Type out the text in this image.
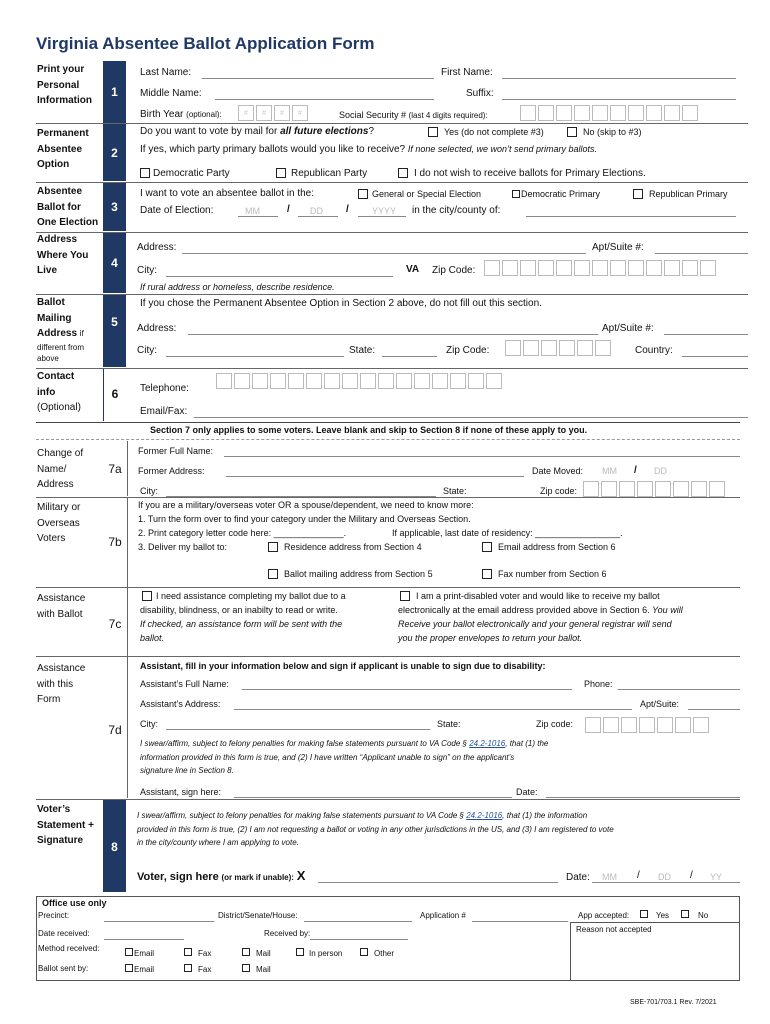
Virginia Absentee Ballot Application Form
Print your
Personal
Information
1
Last Name:	First Name:
Middle Name:	Suffix:
Birth Year (optional):	#	#	#	#	Social Security # (last 4 digits required):
Permanent
Absentee
Option
2
Do you want to vote by mail for all future elections?	Yes (do not complete #3)	No (skip to #3)
If yes, which party primary ballots would you like to receive? If none selected, we won’t send primary ballots.
Democratic Party	Republican Party	I do not wish to receive ballots for Primary Elections.
Absentee
Ballot for
One Election
3
I want to vote an absentee ballot in the:	General or Special Election	Democratic Primary	Republican Primary
Date of Election:	MM	/ DD /	YYYY in the city/county of:
Address
Where You
Live
4
Address:	Apt/Suite #:
City:	VA Zip Code:
If rural address or homeless, describe residence.
Ballot
Mailing
Address if
different from
above
5
If you chose the Permanent Absentee Option in Section 2 above, do not fill out this section.
Address:	Apt/Suite #:
City:	State:	Zip Code:	Country:
Contact
info
(Optional)
6	Telephone:
Email/Fax:
Section 7 only applies to some voters. Leave blank and skip to Section 8 if none of these apply to you.
Change of
Name/
Address
7a
Former Full Name:
Former Address:	Date Moved: MM / DD
City:	State:	Zip code:
Military or
Overseas
Voters	7b
If you are a military/overseas voter OR a spouse/dependent, we need to know more:
1. Turn the form over to find your category under the Military and Overseas Section.
2. Print category letter code here: ______________.	If applicable, last date of residency: _________________.
3. Deliver my ballot to:	Residence address from Section 4	Email address from Section 6
Ballot mailing address from Section 5	Fax number from Section 6
Assistance
with Ballot
7c
I need assistance completing my ballot due to a
disability, blindness, or an inabilty to read or write.
If checked, an assistance form will be sent with the
ballot.
I am a print-disabled voter and would like to receive my ballot
electronically at the email address provided above in Section 6. You will
Receive your ballot electronically and your general registrar will send
you the proper envelopes to return your ballot.
Assistance
with this
Form
7d
Assistant, fill in your information below and sign if applicant is unable to sign due to disability:
Assistant’s Full Name:	Phone:
Assistant’s Address:	Apt/Suite:
City:	State:	Zip code:
I swear/affirm, subject to felony penalties for making false statements pursuant to VA Code § 24.2-1016, that (1) the
information provided in this form is true, and (2) I have written “Applicant unable to sign” on the applicant’s
signature line in Section 8.
Assistant, sign here:	Date:
Voter’s
Statement +
Signature	8
I swear/affirm, subject to felony penalties for making false statements pursuant to VA Code § 24.2-1016, that (1) the information
provided in this form is true, (2) I am not requesting a ballot or voting in any other jurisdictions in the US, and (3) I am registered to vote
in the city/county where I am applying to vote.
Voter, sign here (or mark if unable): X	Date: MM / DD / YY
Office use only
Precinct:	District/Senate/House:	Application #	App accepted:	Yes	No
Reason not accepted
Date received:	Received by:
Method received:
Email	Fax	Mail	In person	Other
Ballot sent by:	Email	Fax	Mail
SBE-701/703.1 Rev. 7/2021
